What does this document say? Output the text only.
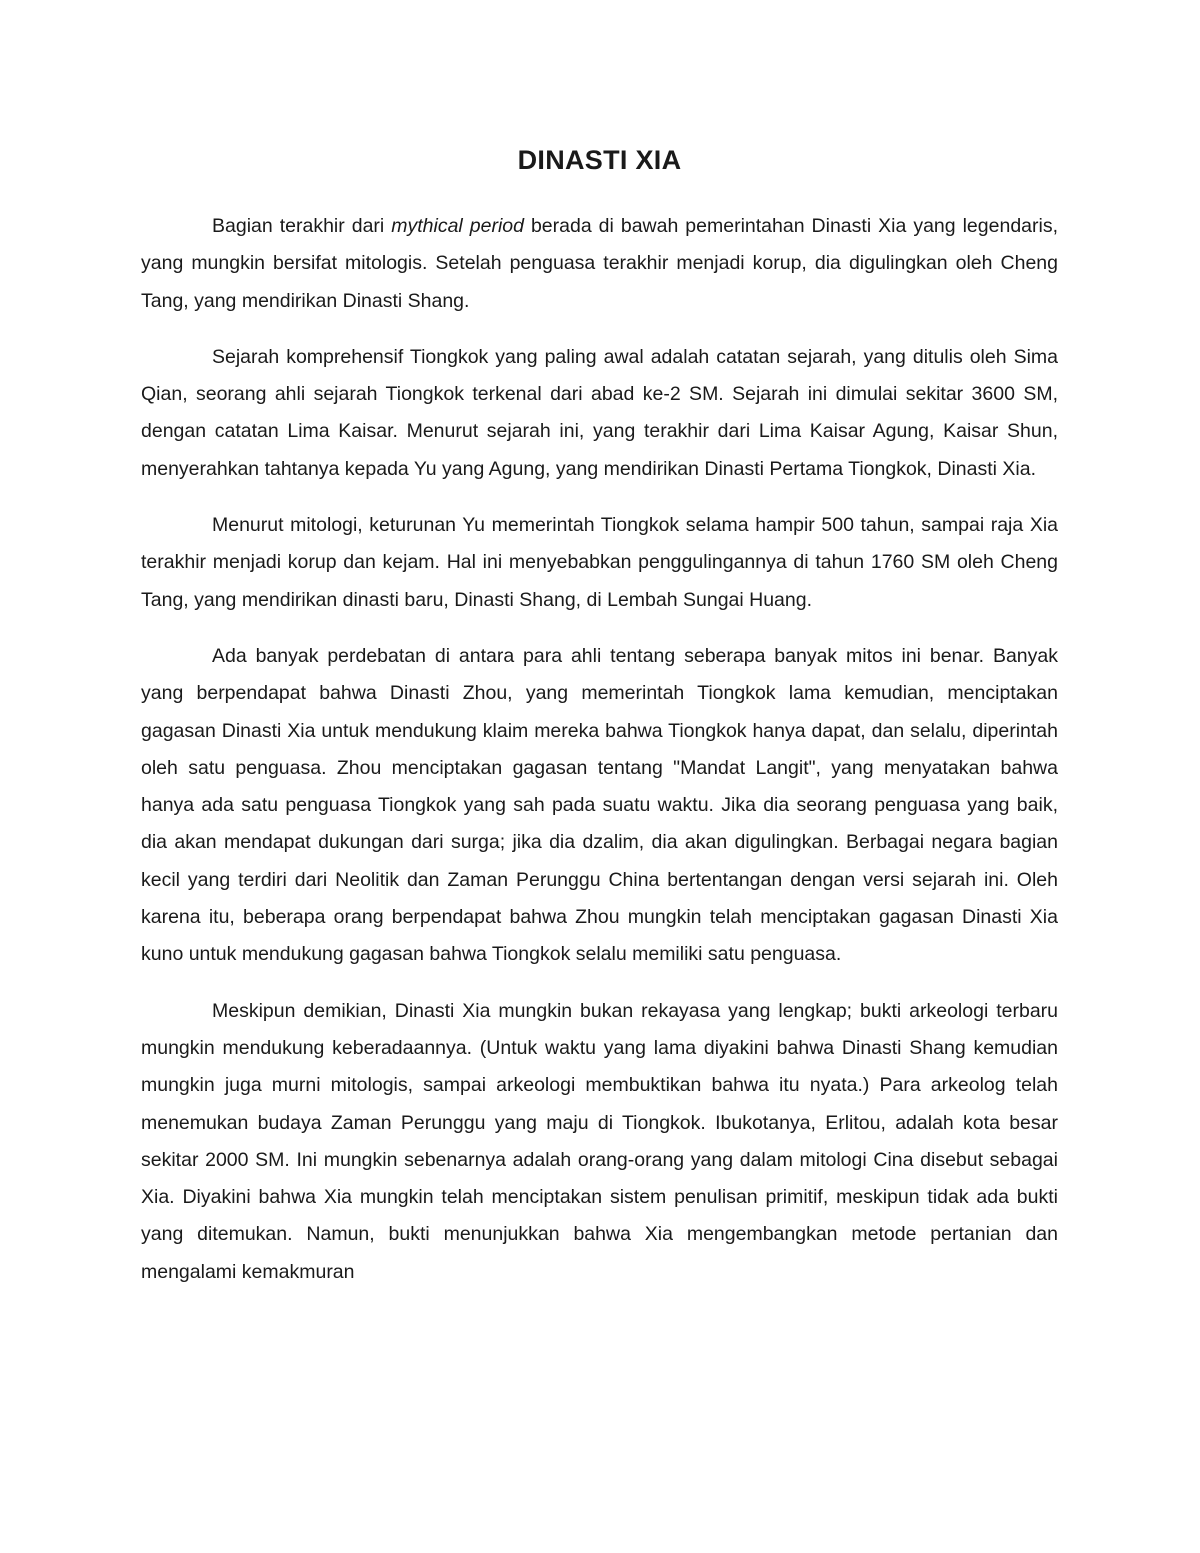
DINASTI XIA

Bagian terakhir dari mythical period berada di bawah pemerintahan Dinasti Xia yang legendaris, yang mungkin bersifat mitologis. Setelah penguasa terakhir menjadi korup, dia digulingkan oleh Cheng Tang, yang mendirikan Dinasti Shang.

Sejarah komprehensif Tiongkok yang paling awal adalah catatan sejarah, yang ditulis oleh Sima Qian, seorang ahli sejarah Tiongkok terkenal dari abad ke-2 SM. Sejarah ini dimulai sekitar 3600 SM, dengan catatan Lima Kaisar. Menurut sejarah ini, yang terakhir dari Lima Kaisar Agung, Kaisar Shun, menyerahkan tahtanya kepada Yu yang Agung, yang mendirikan Dinasti Pertama Tiongkok, Dinasti Xia.

Menurut mitologi, keturunan Yu memerintah Tiongkok selama hampir 500 tahun, sampai raja Xia terakhir menjadi korup dan kejam. Hal ini menyebabkan penggulingannya di tahun 1760 SM oleh Cheng Tang, yang mendirikan dinasti baru, Dinasti Shang, di Lembah Sungai Huang.

Ada banyak perdebatan di antara para ahli tentang seberapa banyak mitos ini benar. Banyak yang berpendapat bahwa Dinasti Zhou, yang memerintah Tiongkok lama kemudian, menciptakan gagasan Dinasti Xia untuk mendukung klaim mereka bahwa Tiongkok hanya dapat, dan selalu, diperintah oleh satu penguasa. Zhou menciptakan gagasan tentang "Mandat Langit", yang menyatakan bahwa hanya ada satu penguasa Tiongkok yang sah pada suatu waktu. Jika dia seorang penguasa yang baik, dia akan mendapat dukungan dari surga; jika dia dzalim, dia akan digulingkan. Berbagai negara bagian kecil yang terdiri dari Neolitik dan Zaman Perunggu China bertentangan dengan versi sejarah ini. Oleh karena itu, beberapa orang berpendapat bahwa Zhou mungkin telah menciptakan gagasan Dinasti Xia kuno untuk mendukung gagasan bahwa Tiongkok selalu memiliki satu penguasa.

Meskipun demikian, Dinasti Xia mungkin bukan rekayasa yang lengkap; bukti arkeologi terbaru mungkin mendukung keberadaannya. (Untuk waktu yang lama diyakini bahwa Dinasti Shang kemudian mungkin juga murni mitologis, sampai arkeologi membuktikan bahwa itu nyata.) Para arkeolog telah menemukan budaya Zaman Perunggu yang maju di Tiongkok. Ibukotanya, Erlitou, adalah kota besar sekitar 2000 SM. Ini mungkin sebenarnya adalah orang-orang yang dalam mitologi Cina disebut sebagai Xia. Diyakini bahwa Xia mungkin telah menciptakan sistem penulisan primitif, meskipun tidak ada bukti yang ditemukan. Namun, bukti menunjukkan bahwa Xia mengembangkan metode pertanian dan mengalami kemakmuran
